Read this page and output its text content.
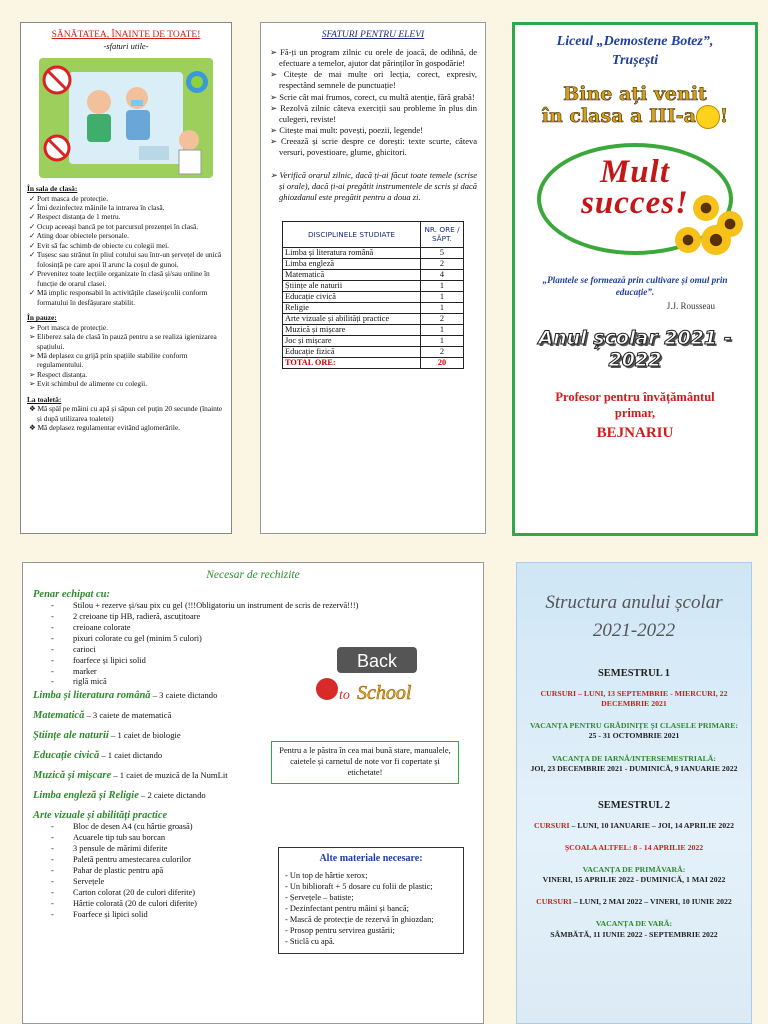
SĂNĂTATEA, ÎNAINTE DE TOATE!
-sfaturi utile-
În sala de clasă:
✓ Port masca de protecție.
✓ Îmi dezinfectez mâinile la intrarea în clasă.
✓ Respect distanța de 1 metru.
✓ Ocup aceeași bancă pe tot parcursul prezenței în clasă.
✓ Ating doar obiectele personale.
✓ Evit să fac schimb de obiecte cu colegii mei.
✓ Tușesc sau strănut în pliul cotului sau într-un șervețel de unică folosință pe care apoi îl arunc la coșul de gunoi.
✓ Prevenitez toate lecțiile organizate în clasă și/sau online în funcție de orarul clasei.
✓ Mă implic responsabil în activitățile clasei/școlii conform formatului în desfășurare stabilit.
În pauze:
➢ Port masca de protecție.
➢ Eliberez sala de clasă în pauză pentru a se realiza igienizarea spațiului.
➢ Mă deplasez cu grijă prin spațiile stabilite conform regulamentului.
➢ Respect distanța.
➢ Evit schimbul de alimente cu colegii.
La toaletă:
❖ Mă spăl pe mâini cu apă și săpun cel puțin 20 secunde (înainte și după utilizarea toaletei)
❖ Mă deplasez regulamentar evitând aglomerările.
SFATURI PENTRU ELEVI
➢ Fă-ți un program zilnic cu orele de joacă, de odihnă, de efectuare a temelor, ajutor dat părinților în gospodărie!
➢ Citește de mai multe ori lecția, corect, expresiv, respectând semnele de punctuație!
➢ Scrie cât mai frumos, corect, cu multă atenție, fără grabă!
➢ Rezolvă zilnic câteva exerciții sau probleme în plus din culegeri, reviste!
➢ Citește mai mult: povești, poezii, legende!
➢ Creează și scrie despre ce dorești: texte scurte, câteva versuri, povestioare, glume, ghicitori.
➢ Verifică orarul zilnic, dacă ți-ai făcut toate temele (scrise și orale), dacă ți-ai pregătit instrumentele de scris și dacă ghiozdanul este pregătit pentru a doua zi.
DISCIPLINELE STUDIATE	NR. ORE / SĂPT.
Limba și literatura română	5
Limba engleză	2
Matematică	4
Științe ale naturii	1
Educație civică	1
Religie	1
Arte vizuale și abilități practice	2
Muzică și mișcare	1
Joc și mișcare	1
Educație fizică	2
TOTAL ORE:	20
Liceul „Demostene Botez”,
Trușești
Bine ați venit
în clasa a III-a !
Mult
succes!
„Plantele se formează prin cultivare și omul prin educație”.
J.J. Rousseau
Anul școlar 2021 - 2022
Profesor pentru învățământul
primar,
BEJNARIU
Necesar de rechizite
Penar echipat cu:
- Stilou + rezerve și/sau pix cu gel (!!!Obligatoriu un instrument de scris de rezervă!!!)
- 2 creioane tip HB, radieră, ascuțitoare
- creioane colorate
- pixuri colorate cu gel (minim 5 culori)
- carioci
- foarfece și lipici solid
- marker
- riglă mică
Limba și literatura română – 3 caiete dictando
Matematică – 3 caiete de matematică
Științe ale naturii – 1 caiet de biologie
Educație civică – 1 caiet dictando
Muzică și mișcare – 1 caiet de muzică de la NumLit
Limba engleză și Religie – 2 caiete dictando
Arte vizuale și abilități practice
- Bloc de desen A4 (cu hârtie groasă)
- Acuarele tip tub sau borcan
- 3 pensule de mărimi diferite
- Paletă pentru amestecarea culorilor
- Pahar de plastic pentru apă
- Servețele
- Carton colorat (20 de culori diferite)
- Hârtie colorată (20 de culori diferite)
- Foarfece și lipici solid
Back
to School
Pentru a le păstra în cea mai bună stare, manualele, caietele și carnetul de note vor fi copertate și etichetate!
Alte materiale necesare:
- Un top de hârtie xerox;
- Un biblioraft + 5 dosare cu folii de plastic;
- Șervețele – batiste;
- Dezinfectant pentru mâini și bancă;
- Mască de protecție de rezervă în ghiozdan;
- Prosop pentru servirea gustării;
- Sticlă cu apă.
Structura anului școlar
2021-2022
SEMESTRUL 1
CURSURI – LUNI, 13 SEPTEMBRIE - MIERCURI, 22 DECEMBRIE 2021
VACANȚA PENTRU GRĂDINIȚE ȘI CLASELE PRIMARE:
25 - 31 OCTOMBRIE 2021
VACANȚA DE IARNĂ/INTERSEMESTRIALĂ:
JOI, 23 DECEMBRIE 2021 - DUMINICĂ, 9 IANUARIE 2022
SEMESTRUL 2
CURSURI – LUNI, 10 IANUARIE – JOI, 14 APRILIE 2022
ȘCOALA ALTFEL: 8 - 14 APRILIE 2022
VACANȚA DE PRIMĂVARĂ:
VINERI, 15 APRILIE 2022 - DUMINICĂ, 1 MAI 2022
CURSURI – LUNI, 2 MAI 2022 – VINERI, 10 IUNIE 2022
VACANȚA DE VARĂ:
SÂMBĂTĂ, 11 IUNIE 2022 - SEPTEMBRIE 2022
